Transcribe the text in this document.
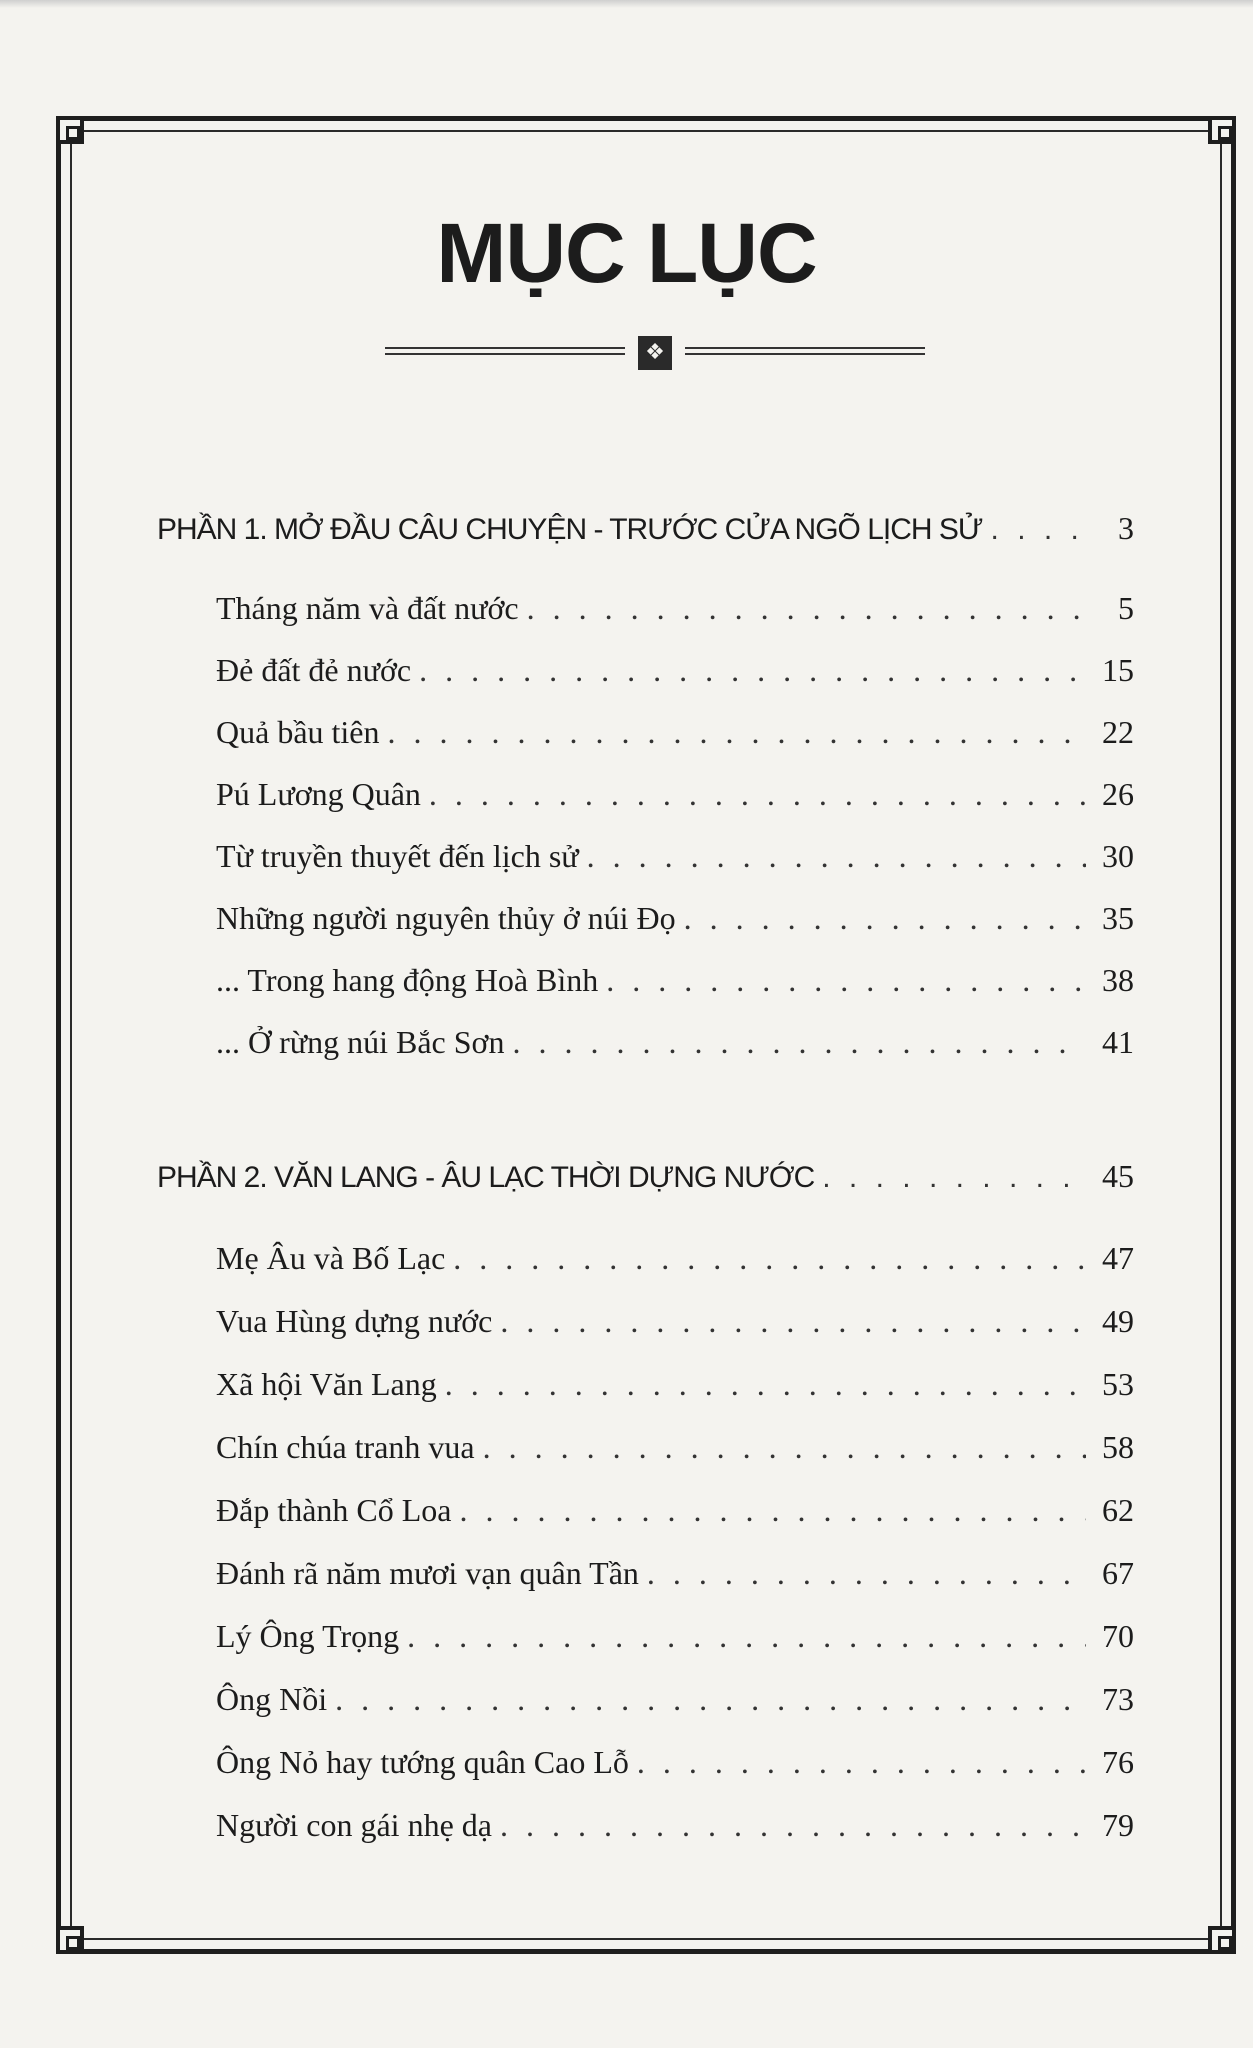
MỤC LỤC
❖
PHẦN 1. MỞ ĐẦU CÂU CHUYỆN - TRƯỚC CỬA NGÕ LỊCH SỬ . . .	3
Tháng năm và đất nước . . .	5
Đẻ đất đẻ nước . . .	15
Quả bầu tiên . . .	22
Pú Lương Quân . . .	26
Từ truyền thuyết đến lịch sử . . .	30
Những người nguyên thủy ở núi Đọ . . .	35
... Trong hang động Hoà Bình . . .	38
... Ở rừng núi Bắc Sơn . . .	41
PHẦN 2. VĂN LANG - ÂU LẠC THỜI DỰNG NƯỚC . . .	45
Mẹ Âu và Bố Lạc . . .	47
Vua Hùng dựng nước . . .	49
Xã hội Văn Lang . . .	53
Chín chúa tranh vua . . .	58
Đắp thành Cổ Loa . . .	62
Đánh rã năm mươi vạn quân Tần . . .	67
Lý Ông Trọng . . .	70
Ông Nồi . . .	73
Ông Nỏ hay tướng quân Cao Lỗ . . .	76
Người con gái nhẹ dạ . . .	79
